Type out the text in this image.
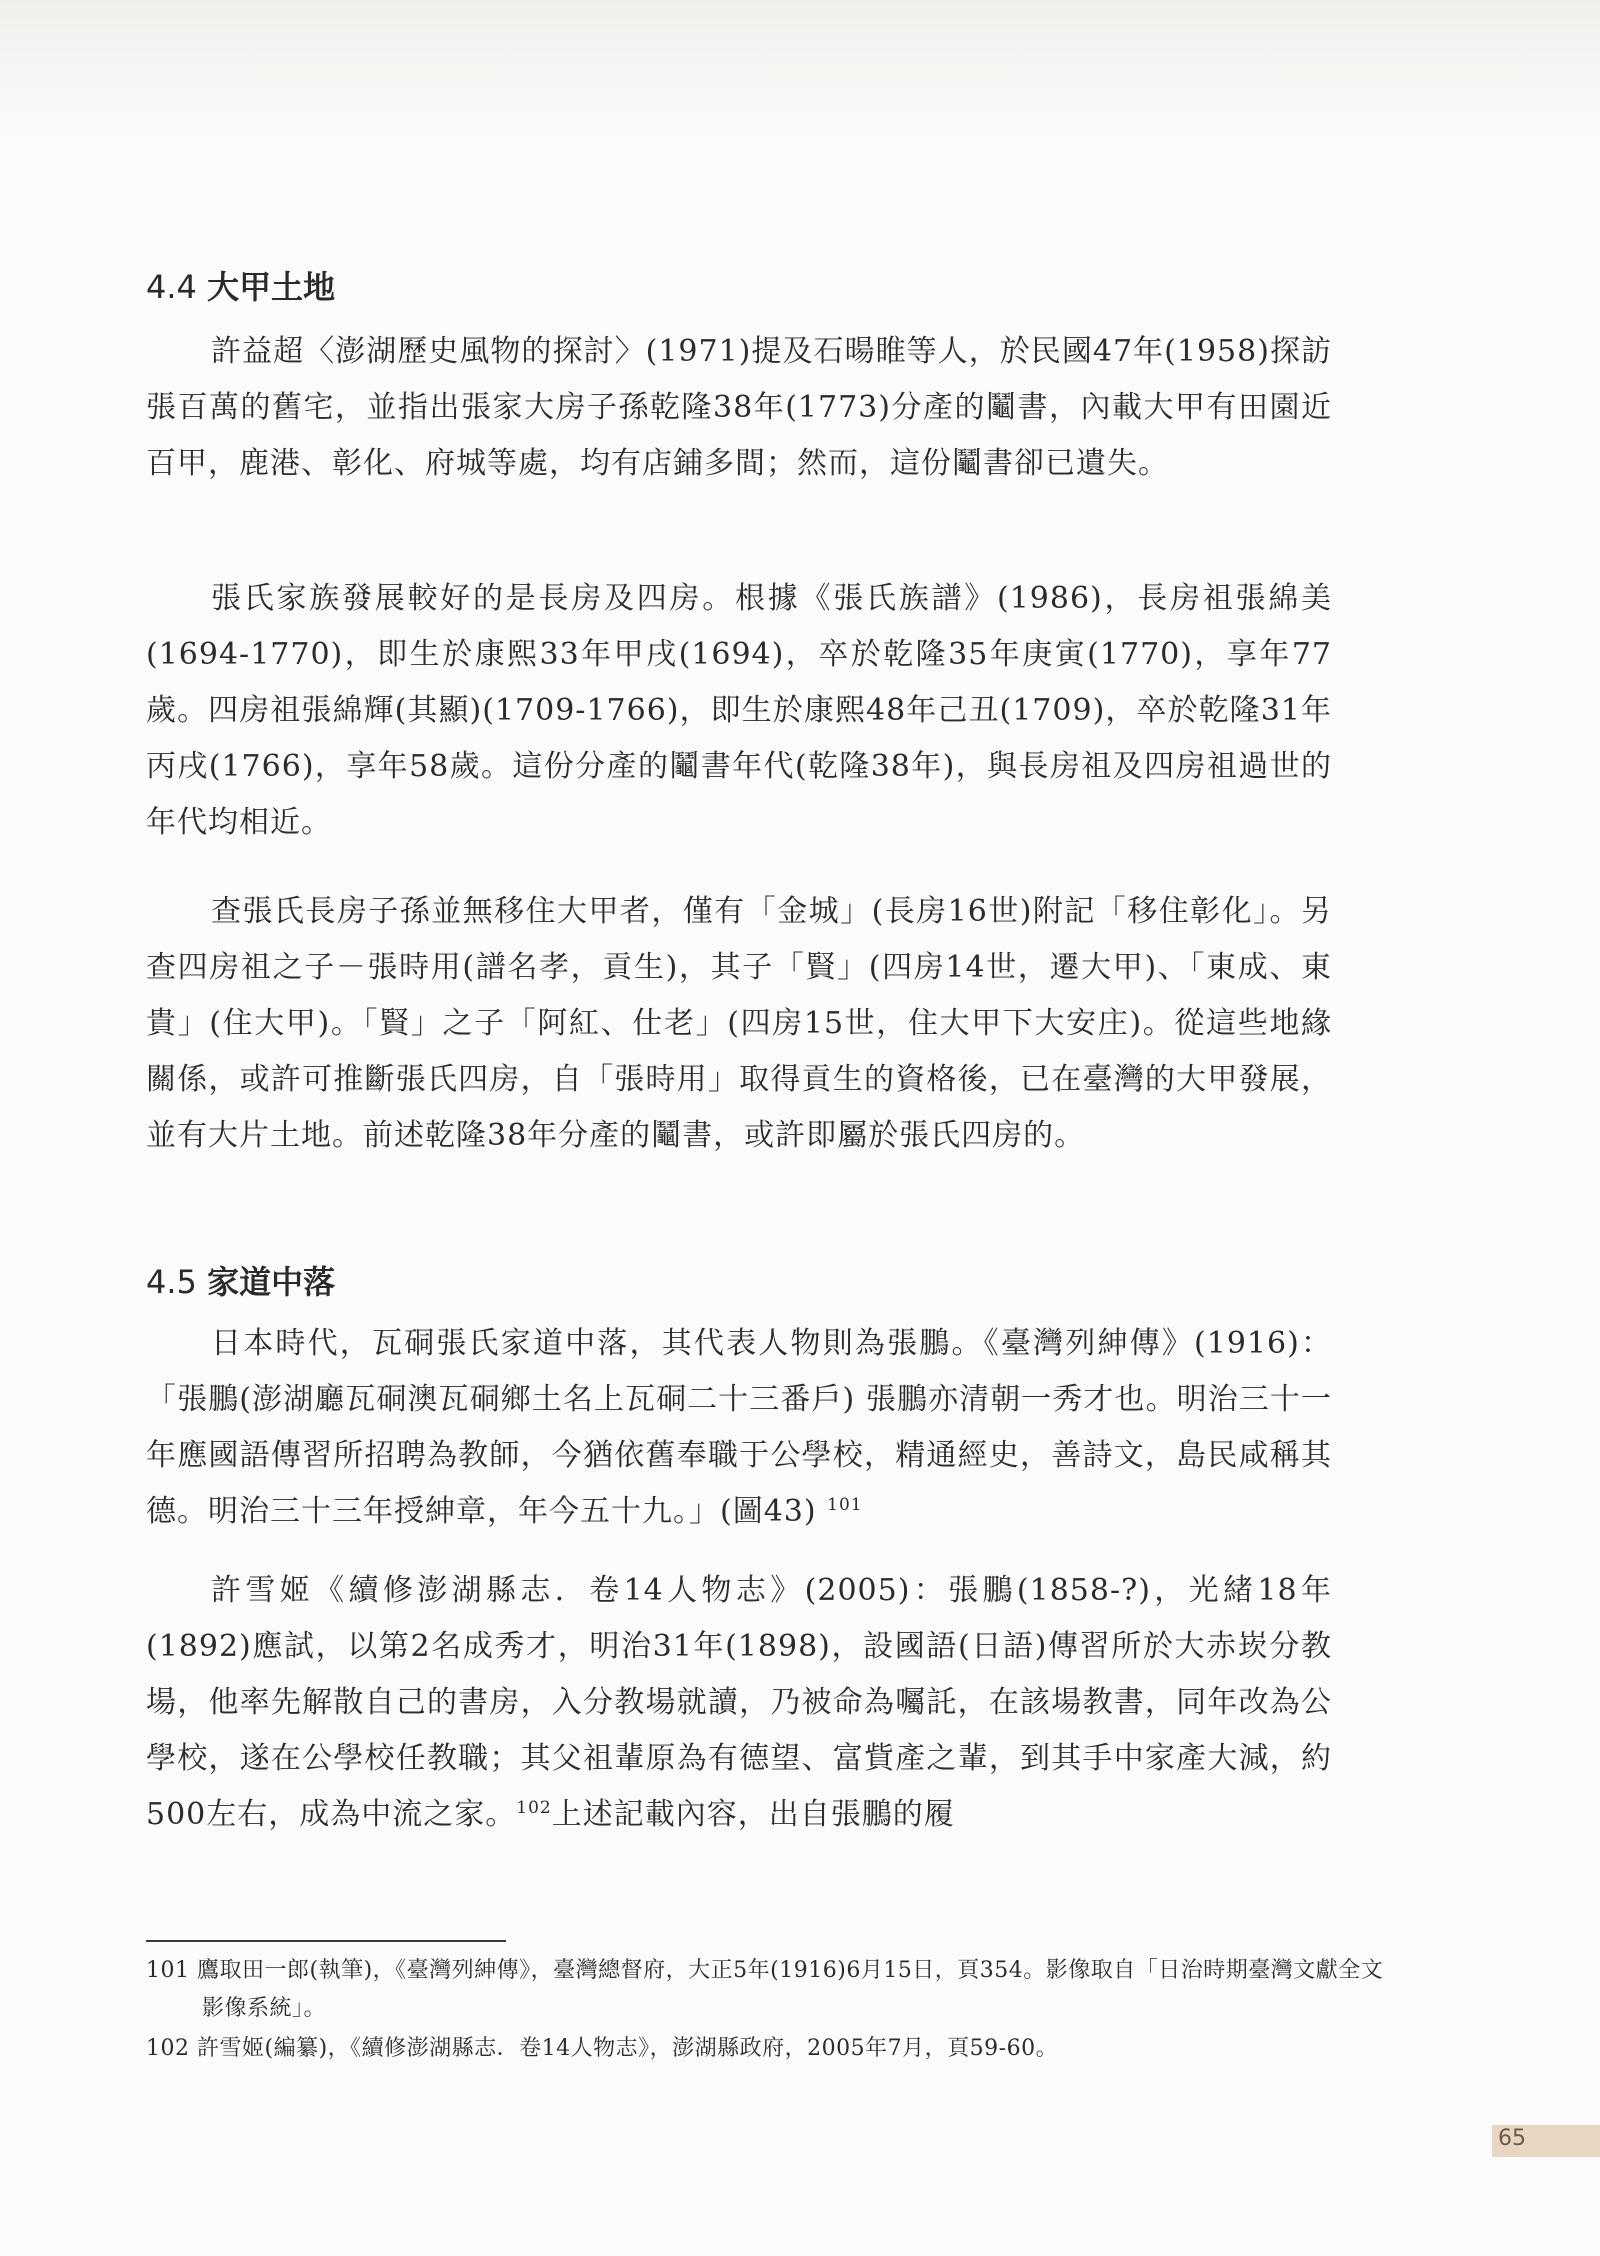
4.4 大甲土地

許益超〈澎湖歷史風物的探討〉(1971)提及石暘睢等人，於民國47年(1958)探訪張百萬的舊宅，並指出張家大房子孫乾隆38年(1773)分產的鬮書，內載大甲有田園近百甲，鹿港、彰化、府城等處，均有店鋪多間；然而，這份鬮書卻已遺失。

張氏家族發展較好的是長房及四房。根據《張氏族譜》(1986)，長房祖張綿美(1694-1770)，即生於康熙33年甲戌(1694)，卒於乾隆35年庚寅(1770)，享年77歲。四房祖張綿輝(其顯)(1709-1766)，即生於康熙48年己丑(1709)，卒於乾隆31年丙戌(1766)，享年58歲。這份分產的鬮書年代(乾隆38年)，與長房祖及四房祖過世的年代均相近。

查張氏長房子孫並無移住大甲者，僅有「金城」(長房16世)附記「移住彰化」。另查四房祖之子－張時用(譜名孝，貢生)，其子「賢」(四房14世，遷大甲)、「東成、東貴」(住大甲)。「賢」之子「阿紅、仕老」(四房15世，住大甲下大安庄)。從這些地緣關係，或許可推斷張氏四房，自「張時用」取得貢生的資格後，已在臺灣的大甲發展，並有大片土地。前述乾隆38年分產的鬮書，或許即屬於張氏四房的。

4.5 家道中落

日本時代，瓦硐張氏家道中落，其代表人物則為張鵬。《臺灣列紳傳》(1916)：「張鵬(澎湖廳瓦硐澳瓦硐鄉土名上瓦硐二十三番戶) 張鵬亦清朝一秀才也。明治三十一年應國語傳習所招聘為教師，今猶依舊奉職于公學校，精通經史，善詩文，島民咸稱其德。明治三十三年授紳章，年今五十九。」(圖43) $^{101}$

許雪姬《續修澎湖縣志．卷14人物志》(2005)：張鵬(1858-?)，光緒18年(1892)應試，以第2名成秀才，明治31年(1898)，設國語(日語)傳習所於大赤崁分教場，他率先解散自己的書房，入分教場就讀，乃被命為囑託，在該場教書，同年改為公學校，遂在公學校任教職；其父祖輩原為有德望、富貲產之輩，到其手中家產大減，約500左右，成為中流之家。$^{102}$上述記載內容，出自張鵬的履

101 鷹取田一郎(執筆)，《臺灣列紳傳》，臺灣總督府，大正5年(1916)6月15日，頁354。影像取自「日治時期臺灣文獻全文影像系統」。

102 許雪姬(編纂)，《續修澎湖縣志．卷14人物志》，澎湖縣政府，2005年7月，頁59-60。

65
